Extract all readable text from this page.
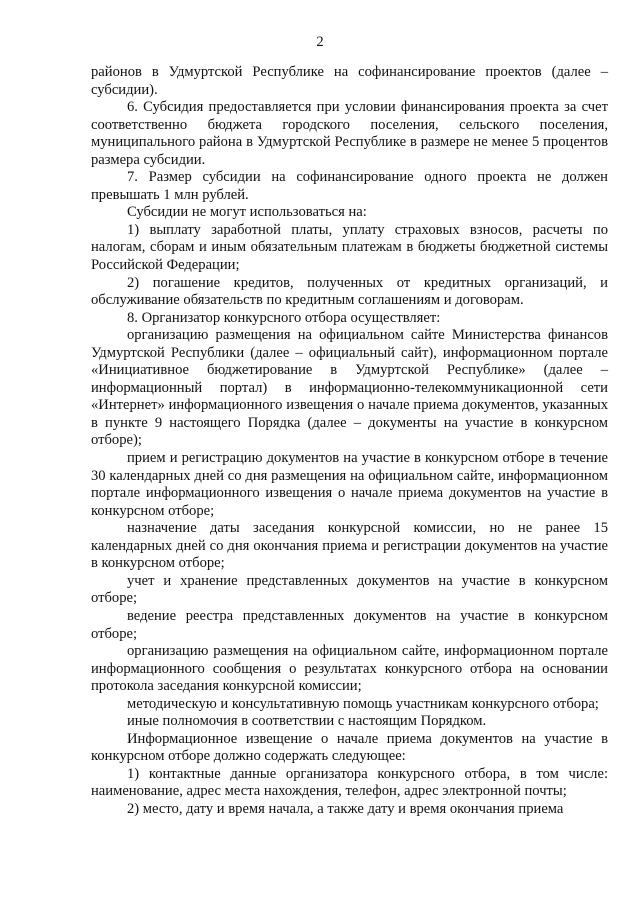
2

районов в Удмуртской Республике на софинансирование проектов (далее – субсидии).

6. Субсидия предоставляется при условии финансирования проекта за счет соответственно бюджета городского поселения, сельского поселения, муниципального района в Удмуртской Республике в размере не менее 5 процентов размера субсидии.

7. Размер субсидии на софинансирование одного проекта не должен превышать 1 млн рублей.

Субсидии не могут использоваться на:

1) выплату заработной платы, уплату страховых взносов, расчеты по налогам, сборам и иным обязательным платежам в бюджеты бюджетной системы Российской Федерации;

2) погашение кредитов, полученных от кредитных организаций, и обслуживание обязательств по кредитным соглашениям и договорам.

8. Организатор конкурсного отбора осуществляет:

организацию размещения на официальном сайте Министерства финансов Удмуртской Республики (далее – официальный сайт), информационном портале «Инициативное бюджетирование в Удмуртской Республике» (далее – информационный портал) в информационно-телекоммуникационной сети «Интернет» информационного извещения о начале приема документов, указанных в пункте 9 настоящего Порядка (далее – документы на участие в конкурсном отборе);

прием и регистрацию документов на участие в конкурсном отборе в течение 30 календарных дней со дня размещения на официальном сайте, информационном портале информационного извещения о начале приема документов на участие в конкурсном отборе;

назначение даты заседания конкурсной комиссии, но не ранее 15 календарных дней со дня окончания приема и регистрации документов на участие в конкурсном отборе;

учет и хранение представленных документов на участие в конкурсном отборе;

ведение реестра представленных документов на участие в конкурсном отборе;

организацию размещения на официальном сайте, информационном портале информационного сообщения о результатах конкурсного отбора на основании протокола заседания конкурсной комиссии;

методическую и консультативную помощь участникам конкурсного отбора;

иные полномочия в соответствии с настоящим Порядком.

Информационное извещение о начале приема документов на участие в конкурсном отборе должно содержать следующее:

1) контактные данные организатора конкурсного отбора, в том числе: наименование, адрес места нахождения, телефон, адрес электронной почты;

2) место, дату и время начала, а также дату и время окончания приема
